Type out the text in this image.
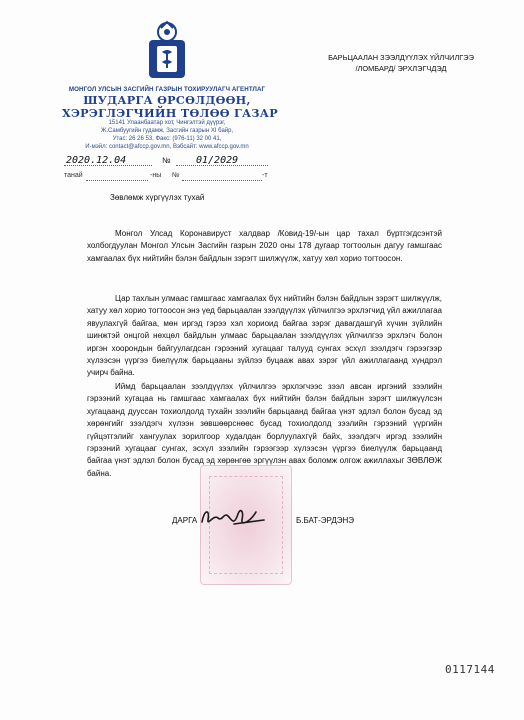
МОНГОЛ УЛСЫН ЗАСГИЙН ГАЗРЫН ТОХИРУУЛАГЧ АГЕНТЛАГ
ШУДАРГА ӨРСӨЛДӨӨН,
ХЭРЭГЛЭГЧИЙН ТӨЛӨӨ ГАЗАР
15141 Улаанбаатар хот, Чингэлтэй дүүрэг,
Ж.Самбуугийн гудамж, Засгийн газрын XI байр,
Утас: 26 26 53, Факс: (976-11) 32 00 41,
И-мэйл: contact@afccp.gov.mn, Вэбсайт: www.afccp.gov.mn
2020.12.04	№	01/2029
танай	-ны №	-т
БАРЬЦААЛАН ЗЭЭЛДҮҮЛЭХ ҮЙЛЧИЛГЭЭ
/ЛОМБАРД/ ЭРХЛЭГЧДЭД
Зөвлөмж хүргүүлэх тухай

Монгол Улсад Коронавируст халдвар /Ковид-19/-ын цар тахал бүртгэгдсэнтэй холбогдуулан Монгол Улсын Засгийн газрын 2020 оны 178 дугаар тогтоолын дагуу гамшгаас хамгаалах бүх нийтийн бэлэн байдлын зэрэгт шилжүүлж, хатуу хөл хорио тогтоосон.

Цар тахлын улмаас гамшгаас хамгаалах бүх нийтийн бэлэн байдлын зэрэгт шилжүүлж, хатуу хөл хорио тогтоосон энэ үед барьцаалан зээлдүүлэх үйлчилгээ эрхлэгчид үйл ажиллагаа явуулахгүй байгаа, мөн иргэд гэрээ хэл хориоид байгаа зэрэг давагдашгүй хүчин зүйлийн шинжтэй онцгой нөхцөл байдлын улмаас барьцаалан зээлдүүлэх үйлчилгээ эрхлэгч болон иргэн хоорондын байгуулагдсан гэрээний хугацааг талууд сунгах эсхүл зээлдэгч гэрээгээр хүлээсэн үүргээ биелүүлж барьцааны зүйлээ буцааж авах зэрэг үйл ажиллагаанд хүндрэл учирч байна.

Иймд барьцаалан зээлдүүлэх үйлчилгээ эрхлэгчээс зээл авсан иргэний зээлийн гэрээний хугацаа нь гамшгаас хамгаалах бүх нийтийн бэлэн байдлын зэрэгт шилжүүлсэн хугацаанд дууссан тохиолдолд тухайн зээлийн барьцаанд байгаа үнэт эдлэл болон бусад эд хөрөнгийг зээлдэгч хүлээн зөвшөөрснөөс бусад тохиолдолд зээлийн гэрээний үүргийн гүйцэтгэлийг хангуулах зорилгоор худалдан борлуулахгүй байх, зээлдэгч иргэд зээлийн гэрээний хугацааг сунгах, эсхүл зээлийн гэрээгээр хүлээсэн үүргээ биелүүлж барьцаанд байгаа үнэт эдлэл болон бусад эд хөрөнгөө эргүүлэн авах боломж олгож ажиллахыг ЗӨВЛӨЖ байна.

ДАРГА	Б.БАТ-ЭРДЭНЭ
0117144
